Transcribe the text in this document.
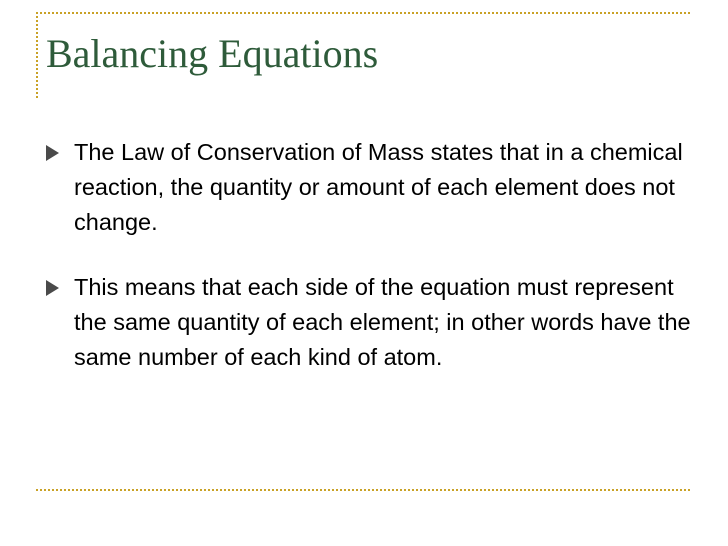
Balancing Equations
The Law of Conservation of Mass states that in a chemical reaction, the quantity or amount of each element does not change.
This means that each side of the equation must represent the same quantity of each element; in other words have the same number of each kind of atom.
